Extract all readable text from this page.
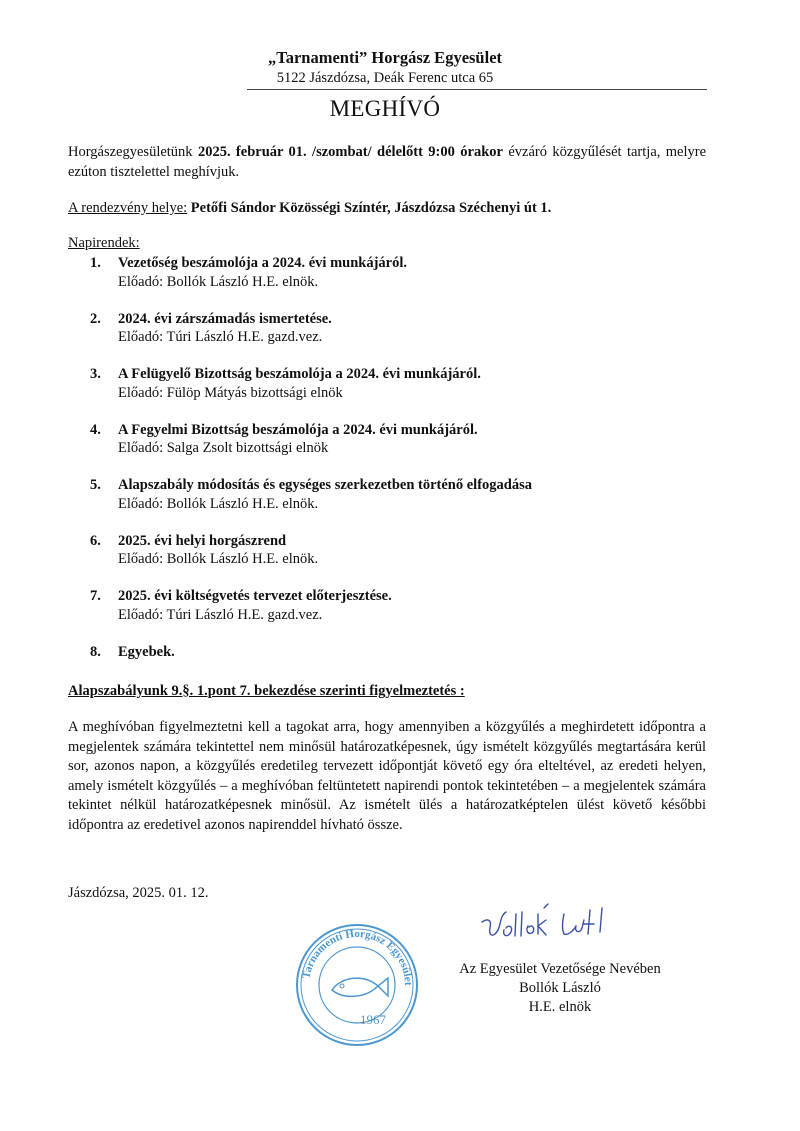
„Tarnamenti” Horgász Egyesület
5122 Jászdózsa, Deák Ferenc utca 65
MEGHÍVÓ
Horgászegyesületünk 2025. február 01. /szombat/ délelőtt 9:00 órakor évzáró közgyűlését tartja, melyre ezúton tisztelettel meghívjuk.
A rendezvény helye: Petőfi Sándor Közösségi Színtér, Jászdózsa Széchenyi út 1.
Napirendek:
1.	Vezetőség beszámolója a 2024. évi munkájáról.
Előadó: Bollók László H.E. elnök.
2.	2024. évi zárszámadás ismertetése.
Előadó: Túri László H.E. gazd.vez.
3.	A Felügyelő Bizottság beszámolója a 2024. évi munkájáról.
Előadó: Fülöp Mátyás bizottsági elnök
4.	A Fegyelmi Bizottság beszámolója a 2024. évi munkájáról.
Előadó: Salga Zsolt bizottsági elnök
5.	Alapszabály módosítás és egységes szerkezetben történő elfogadása
Előadó: Bollók László H.E. elnök.
6.	2025. évi helyi horgászrend
Előadó: Bollók László H.E. elnök.
7.	2025. évi költségvetés tervezet előterjesztése.
Előadó: Túri László H.E. gazd.vez.
8.	Egyebek.
Alapszabályunk 9.§. 1.pont 7. bekezdése szerinti figyelmeztetés :
A meghívóban figyelmeztetni kell a tagokat arra, hogy amennyiben a közgyűlés a meghirdetett időpontra a megjelentek számára tekintettel nem minősül határozatképesnek, úgy ismételt közgyűlés megtartására kerül sor, azonos napon, a közgyűlés eredetileg tervezett időpontját követő egy óra elteltével, az eredeti helyen, amely ismételt közgyűlés – a meghívóban feltüntetett napirendi pontok tekintetében – a megjelentek számára tekintet nélkül határozatképesnek minősül. Az ismételt ülés a határozatképtelen ülést követő későbbi időpontra az eredetivel azonos napirenddel hívható össze.
Jászdózsa, 2025. 01. 12.
Tarnamenti Horgász Egyesület
1967
Az Egyesület Vezetősége Nevében
Bollók László
H.E. elnök
